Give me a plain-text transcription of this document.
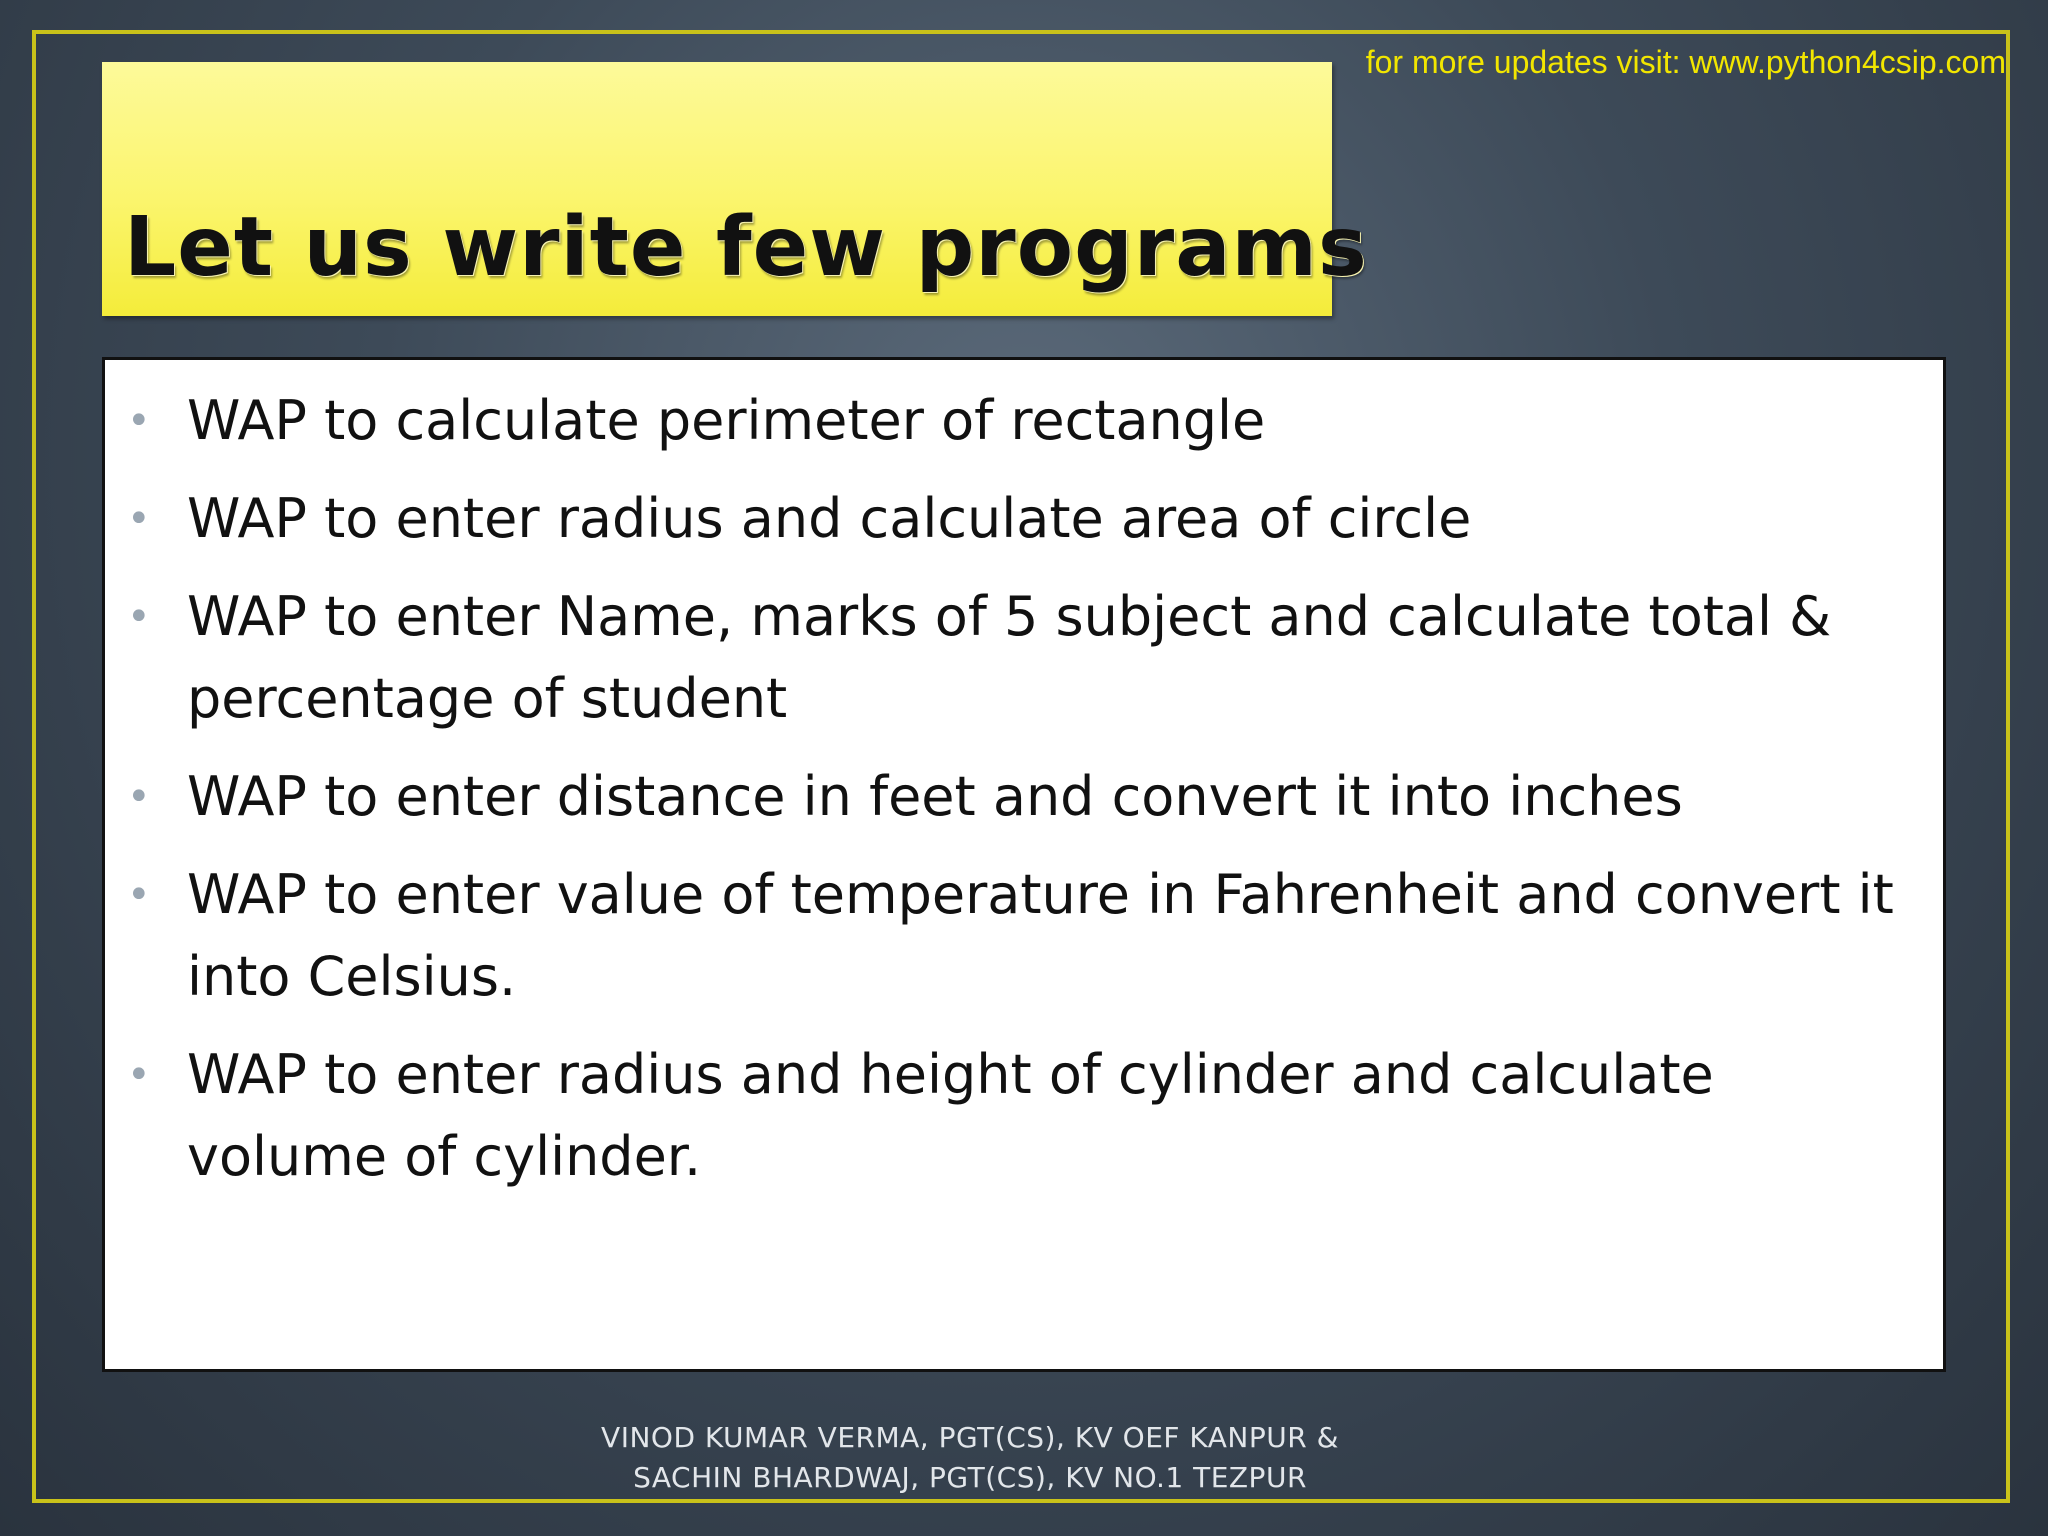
for more updates visit: www.python4csip.com
Let us write few programs
• WAP to calculate perimeter of rectangle
• WAP to enter radius and calculate area of circle
• WAP to enter Name, marks of 5 subject and calculate total & percentage of student
• WAP to enter distance in feet and convert it into inches
• WAP to enter value of temperature in Fahrenheit and convert it into Celsius.
• WAP to enter radius and height of cylinder and calculate volume of cylinder.
VINOD KUMAR VERMA, PGT(CS), KV OEF KANPUR &
SACHIN BHARDWAJ, PGT(CS), KV NO.1 TEZPUR
